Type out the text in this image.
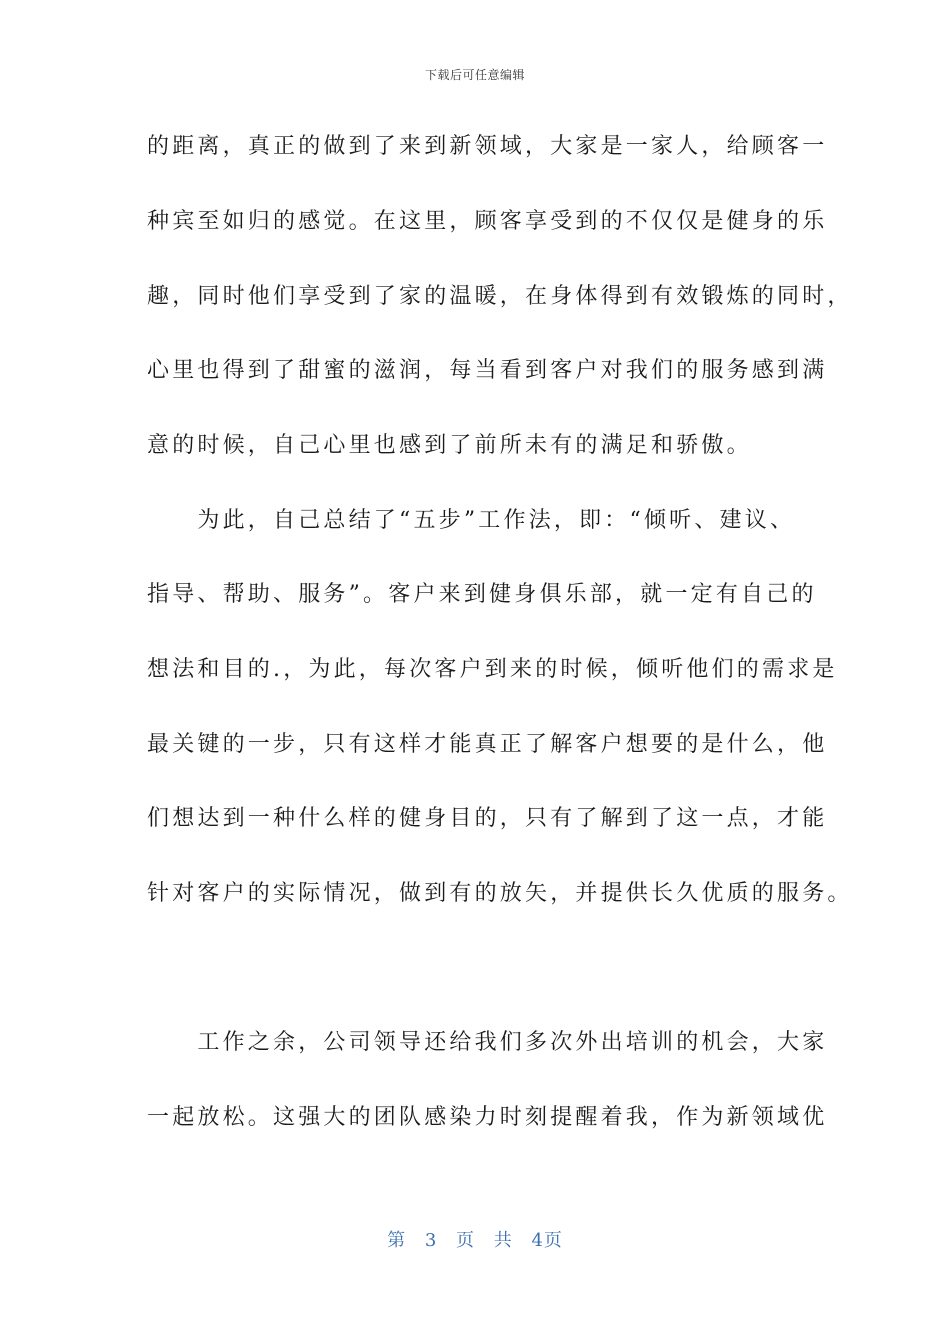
下载后可任意编辑
的距离，真正的做到了来到新领域，大家是一家人，给顾客一
种宾至如归的感觉。在这里，顾客享受到的不仅仅是健身的乐
趣，同时他们享受到了家的温暖，在身体得到有效锻炼的同时，
心里也得到了甜蜜的滋润，每当看到客户对我们的服务感到满
意的时候，自己心里也感到了前所未有的满足和骄傲。
　　为此，自己总结了“五步”工作法，即：“倾听、建议、
指导、帮助、服务”。客户来到健身俱乐部，就一定有自己的
想法和目的.，为此，每次客户到来的时候，倾听他们的需求是
最关键的一步，只有这样才能真正了解客户想要的是什么，他
们想达到一种什么样的健身目的，只有了解到了这一点，才能
针对客户的实际情况，做到有的放矢，并提供长久优质的服务。
　　工作之余，公司领导还给我们多次外出培训的机会，大家
一起放松。这强大的团队感染力时刻提醒着我，作为新领域优
第 3 页 共 4页
